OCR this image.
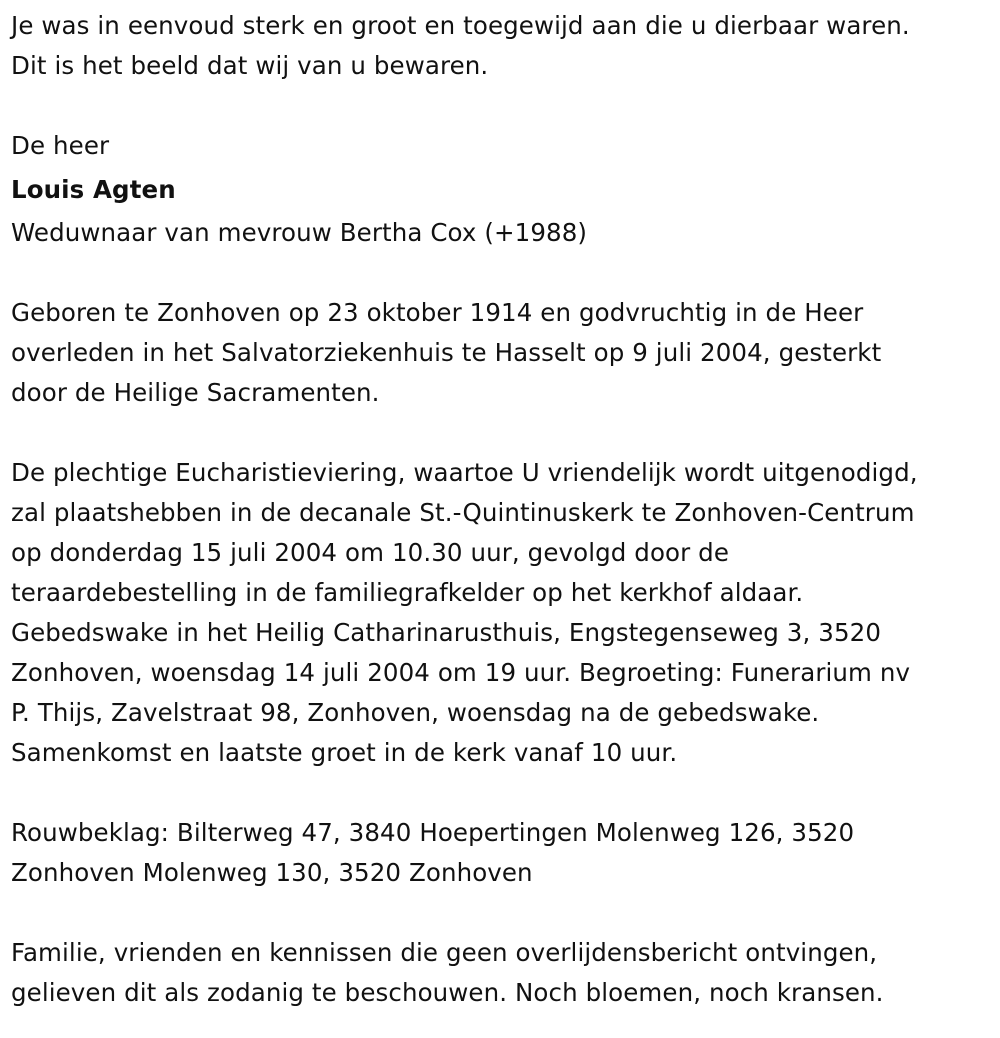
Je was in eenvoud sterk en groot en toegewijd aan die u dierbaar waren.
Dit is het beeld dat wij van u bewaren.
De heer
Louis Agten
Weduwnaar van mevrouw Bertha Cox (+1988)
Geboren te Zonhoven op 23 oktober 1914 en godvruchtig in de Heer
overleden in het Salvatorziekenhuis te Hasselt op 9 juli 2004, gesterkt
door de Heilige Sacramenten.
De plechtige Eucharistieviering, waartoe U vriendelijk wordt uitgenodigd,
zal plaatshebben in de decanale St.-Quintinuskerk te Zonhoven-Centrum
op donderdag 15 juli 2004 om 10.30 uur, gevolgd door de
teraardebestelling in de familiegrafkelder op het kerkhof aldaar.
Gebedswake in het Heilig Catharinarusthuis, Engstegenseweg 3, 3520
Zonhoven, woensdag 14 juli 2004 om 19 uur. Begroeting: Funerarium nv
P. Thijs, Zavelstraat 98, Zonhoven, woensdag na de gebedswake.
Samenkomst en laatste groet in de kerk vanaf 10 uur.
Rouwbeklag: Bilterweg 47, 3840 Hoepertingen Molenweg 126, 3520
Zonhoven Molenweg 130, 3520 Zonhoven
Familie, vrienden en kennissen die geen overlijdensbericht ontvingen,
gelieven dit als zodanig te beschouwen. Noch bloemen, noch kransen.
